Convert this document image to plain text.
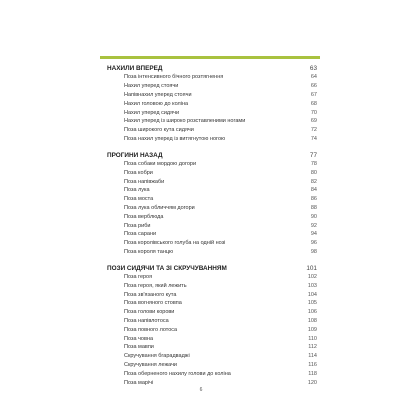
НАХИЛИ ВПЕРЕД	63
Поза інтенсивного бічного розтягнення	64
Нахил уперед стоячи	66
Напівнахил уперед стоячи	67
Нахил головою до коліна	68
Нахил уперед сидячи	70
Нахил уперед із широко розставленими ногами	69
Поза широкого кута сидячи	72
Поза нахил уперед із витягнутою ногою	74
ПРОГИНИ НАЗАД	77
Поза собаки мордою догори	78
Поза кобри	80
Поза напівжаби	82
Поза лука	84
Поза моста	86
Поза лука обличчям догори	88
Поза верблюда	90
Поза риби	92
Поза сарани	94
Поза королівського голуба на одній нозі	96
Поза короля танцю	98
ПОЗИ СИДЯЧИ ТА ЗІ СКРУЧУВАННЯМ	101
Поза героя	102
Поза героя, який лежить	103
Поза зв'язаного кута	104
Поза вогняного стовпа	105
Поза голови корови	106
Поза напівлотоса	108
Поза повного лотоса	109
Поза човна	110
Поза мавпи	112
Скручування бгарадваджі	114
Скручування лежачи	116
Поза оберненого нахилу голови до коліна	118
Поза марічі	120
6
